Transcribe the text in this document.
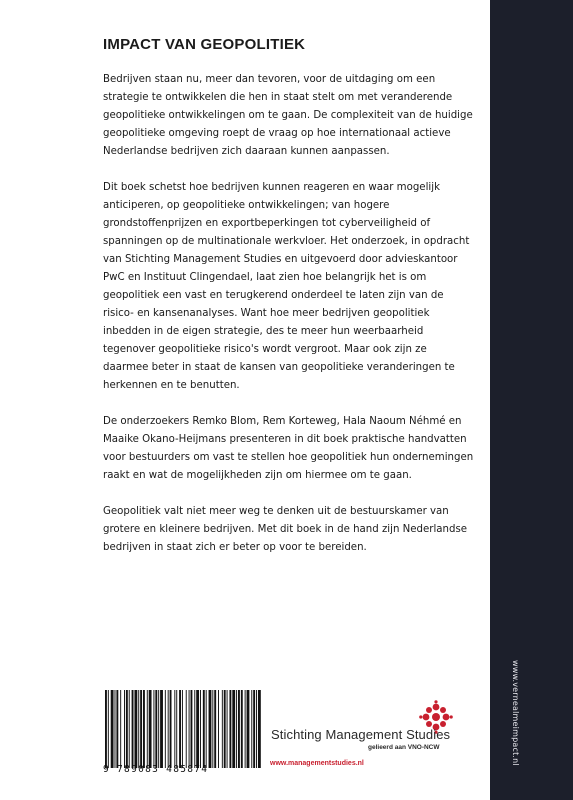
www.vernealmeimpact.nl
IMPACT VAN GEOPOLITIEK

Bedrijven staan nu, meer dan tevoren, voor de uitdaging om een strategie te ontwikkelen die hen in staat stelt om met veranderende geopolitieke ontwikkelingen om te gaan. De complexiteit van de huidige geopolitieke omgeving roept de vraag op hoe internationaal actieve Nederlandse bedrijven zich daaraan kunnen aanpassen.

Dit boek schetst hoe bedrijven kunnen reageren en waar mogelijk anticiperen, op geopolitieke ontwikkelingen; van hogere grondstoffenprijzen en exportbeperkingen tot cyberveiligheid of spanningen op de multinationale werkvloer. Het onderzoek, in opdracht van Stichting Management Studies en uitgevoerd door advieskantoor PwC en Instituut Clingendael, laat zien hoe belangrijk het is om geopolitiek een vast en terugkerend onderdeel te laten zijn van de risico- en kansenanalyses. Want hoe meer bedrijven geopolitiek inbedden in de eigen strategie, des te meer hun weerbaarheid tegenover geopolitieke risico's wordt vergroot. Maar ook zijn ze daarmee beter in staat de kansen van geopolitieke veranderingen te herkennen en te benutten.

De onderzoekers Remko Blom, Rem Korteweg, Hala Naoum Néhmé en Maaike Okano-Heijmans presenteren in dit boek praktische handvatten voor bestuurders om vast te stellen hoe geopolitiek hun ondernemingen raakt en wat de mogelijkheden zijn om hiermee om te gaan.

Geopolitiek valt niet meer weg te denken uit de bestuurskamer van grotere en kleinere bedrijven. Met dit boek in de hand zijn Nederlandse bedrijven in staat zich er beter op voor te bereiden.

9 789083 485874
Stichting Management Studies
gelieerd aan VNO-NCW
www.managementstudies.nl
